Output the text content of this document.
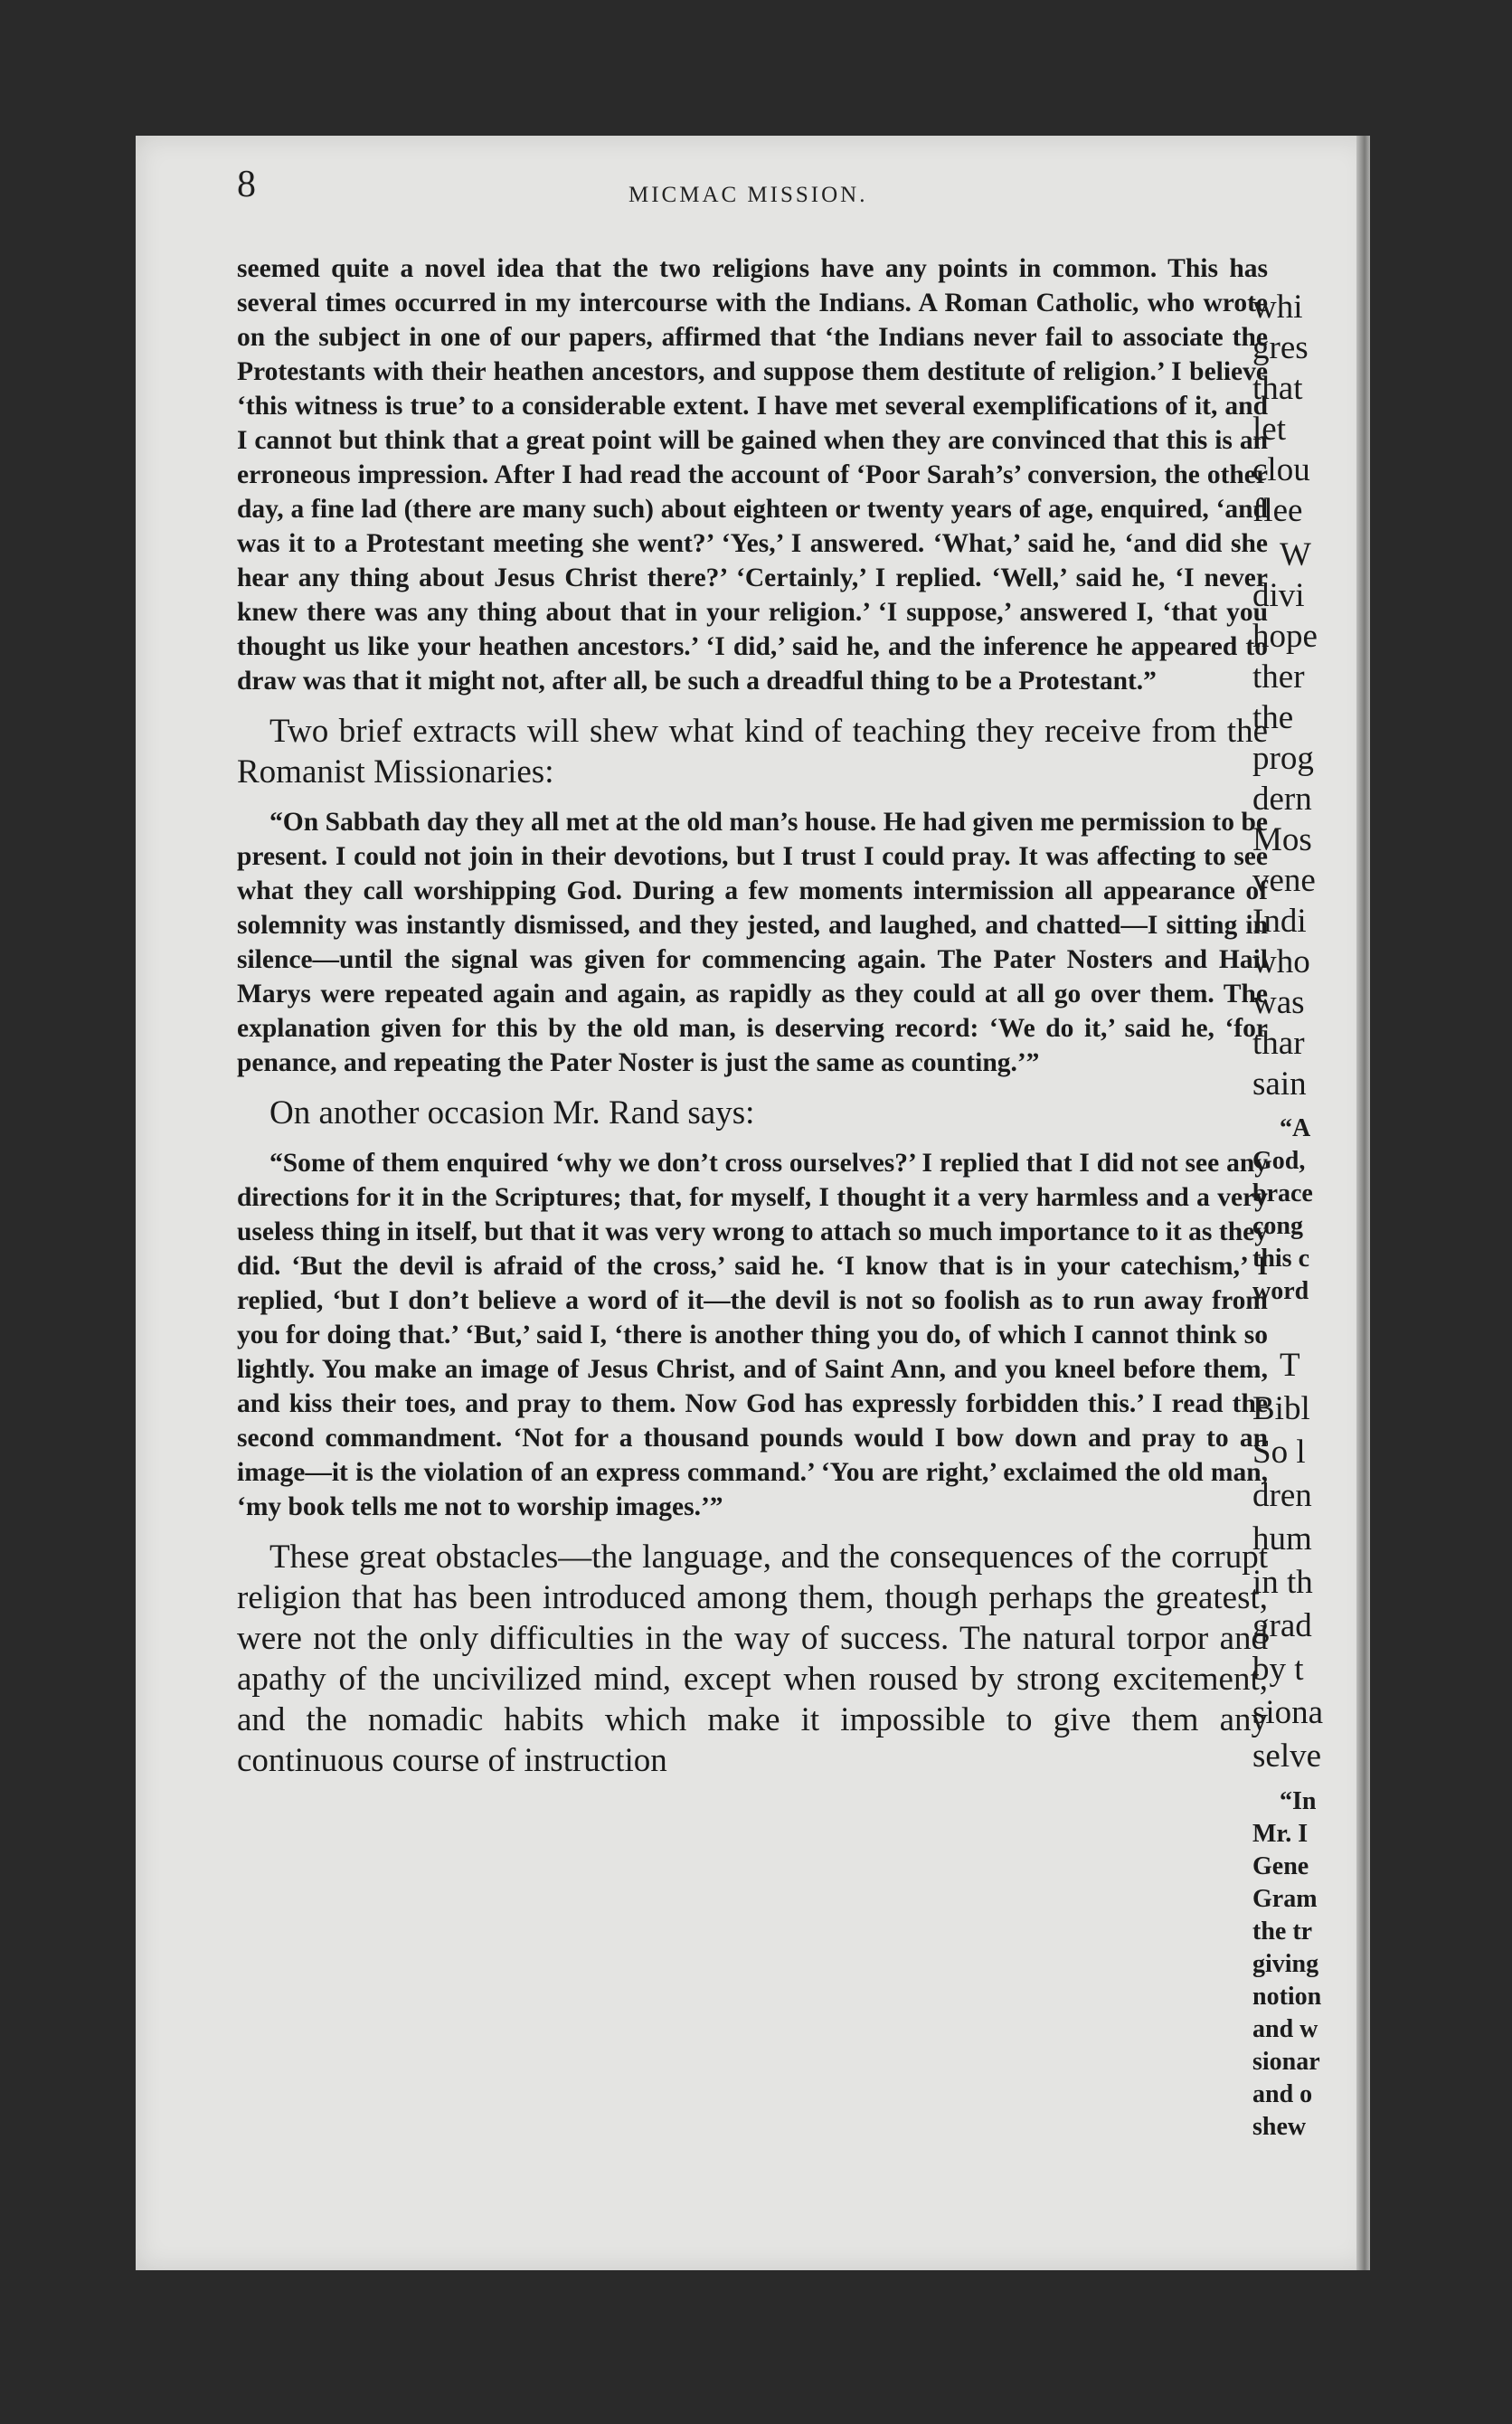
8	MICMAC MISSION.

seemed quite a novel idea that the two religions have any points in common. This has several times occurred in my intercourse with the Indians. A Roman Catholic, who wrote on the subject in one of our papers, affirmed that ‘the Indians never fail to associate the Protestants with their heathen ancestors, and suppose them destitute of religion.’ I believe ‘this witness is true’ to a considerable extent. I have met several exemplifications of it, and I cannot but think that a great point will be gained when they are convinced that this is an erroneous impression. After I had read the account of ‘Poor Sarah’s’ conversion, the other day, a fine lad (there are many such) about eighteen or twenty years of age, enquired, ‘and was it to a Protestant meeting she went?’ ‘Yes,’ I answered. ‘What,’ said he, ‘and did she hear any thing about Jesus Christ there?’ ‘Certainly,’ I replied. ‘Well,’ said he, ‘I never knew there was any thing about that in your religion.’ ‘I suppose,’ answered I, ‘that you thought us like your heathen ancestors.’ ‘I did,’ said he, and the inference he appeared to draw was that it might not, after all, be such a dreadful thing to be a Protestant.”

Two brief extracts will shew what kind of teaching they receive from the Romanist Missionaries:

“On Sabbath day they all met at the old man’s house. He had given me permission to be present. I could not join in their devotions, but I trust I could pray. It was affecting to see what they call worshipping God. During a few moments intermission all appearance of solemnity was instantly dismissed, and they jested, and laughed, and chatted—I sitting in silence—until the signal was given for commencing again. The Pater Nosters and Hail Marys were repeated again and again, as rapidly as they could at all go over them. The explanation given for this by the old man, is deserving record: ‘We do it,’ said he, ‘for penance, and repeating the Pater Noster is just the same as counting.’”

On another occasion Mr. Rand says:

“Some of them enquired ‘why we don’t cross ourselves?’ I replied that I did not see any directions for it in the Scriptures; that, for myself, I thought it a very harmless and a very useless thing in itself, but that it was very wrong to attach so much importance to it as they did. ‘But the devil is afraid of the cross,’ said he. ‘I know that is in your catechism,’ I replied, ‘but I don’t believe a word of it—the devil is not so foolish as to run away from you for doing that.’ ‘But,’ said I, ‘there is another thing you do, of which I cannot think so lightly. You make an image of Jesus Christ, and of Saint Ann, and you kneel before them, and kiss their toes, and pray to them. Now God has expressly forbidden this.’ I read the second commandment. ‘Not for a thousand pounds would I bow down and pray to an image—it is the violation of an express command.’ ‘You are right,’ exclaimed the old man, ‘my book tells me not to worship images.’”

These great obstacles—the language, and the consequences of the corrupt religion that has been introduced among them, though perhaps the greatest, were not the only difficulties in the way of success. The natural torpor and apathy of the uncivilized mind, except when roused by strong excitement, and the nomadic habits which make it impossible to give them any continuous course of instruction

whi
gres
that
let
clou
flee
W
divi
hope
ther
the
prog
dern
Mos
vene
Indi
who
was
thar
sain
“A
God,
brace
cong
this c
word
T
Bibl
So l
dren
hum
in th
grad
by t
siona
selve
“In
Mr. I
Gene
Gram
the tr
giving
notion
and w
sionar
and o
shew
